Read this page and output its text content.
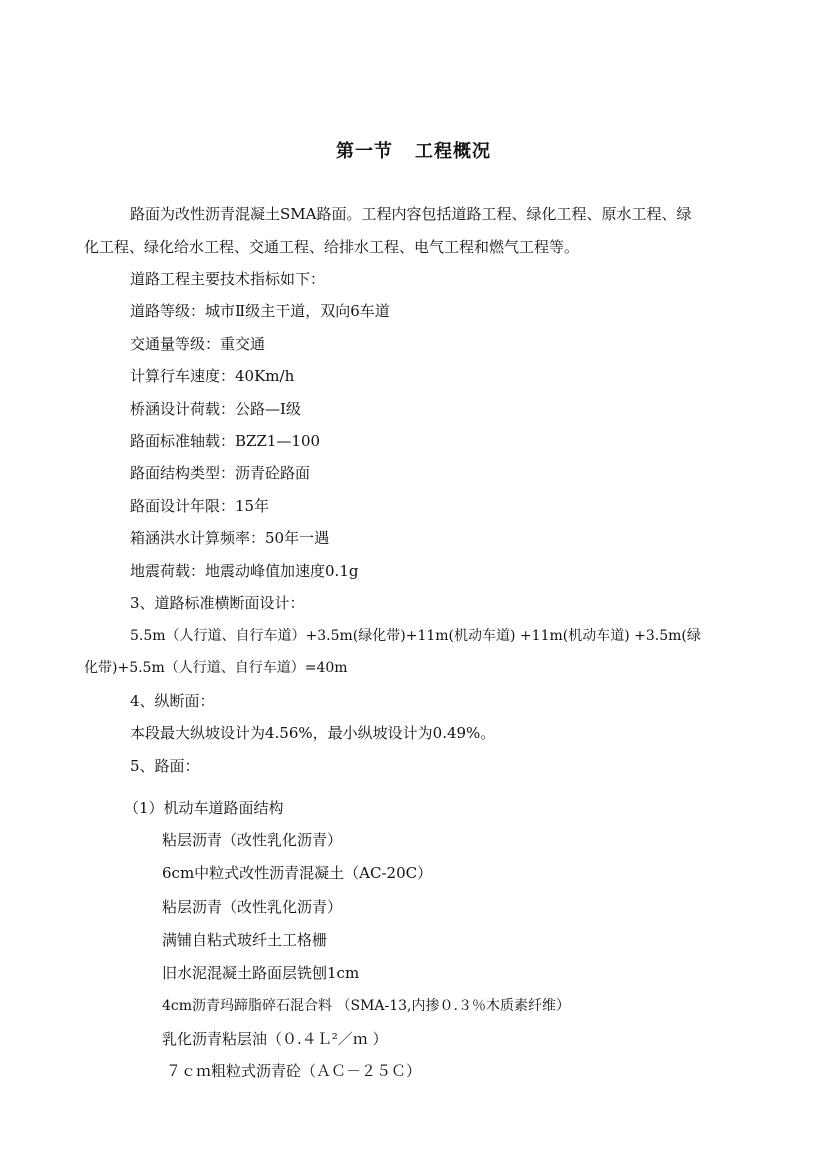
第一节 工程概况
路面为改性沥青混凝土SMA路面。工程内容包括道路工程、绿化工程、原水工程、绿
化工程、绿化给水工程、交通工程、给排水工程、电气工程和燃气工程等。
道路工程主要技术指标如下：
道路等级：城市Ⅱ级主干道，双向6车道
交通量等级：重交通
计算行车速度：40Km/h
桥涵设计荷载：公路—Ⅰ级
路面标准轴载：BZZ1—100
路面结构类型：沥青砼路面
路面设计年限：15年
箱涵洪水计算频率：50年一遇
地震荷载：地震动峰值加速度0.1g
3、道路标准横断面设计：
5.5m（人行道、自行车道）+3.5m(绿化带)+11m(机动车道) +11m(机动车道) +3.5m(绿
化带)+5.5m（人行道、自行车道）=40m
4、纵断面：
本段最大纵坡设计为4.56%，最小纵坡设计为0.49%。
5、路面：
（1）机动车道路面结构
粘层沥青（改性乳化沥青）
6cm中粒式改性沥青混凝土（AC-20C）
粘层沥青（改性乳化沥青）
满铺自粘式玻纤土工格栅
旧水泥混凝土路面层铣刨1cm
4cm沥青玛蹄脂碎石混合料 （SMA-13,内掺０.３％木质素纤维）
乳化沥青粘层油（０.４Ｌ²／ｍ ）
７ｃｍ粗粒式沥青砼（ＡＣ－２５Ｃ）
